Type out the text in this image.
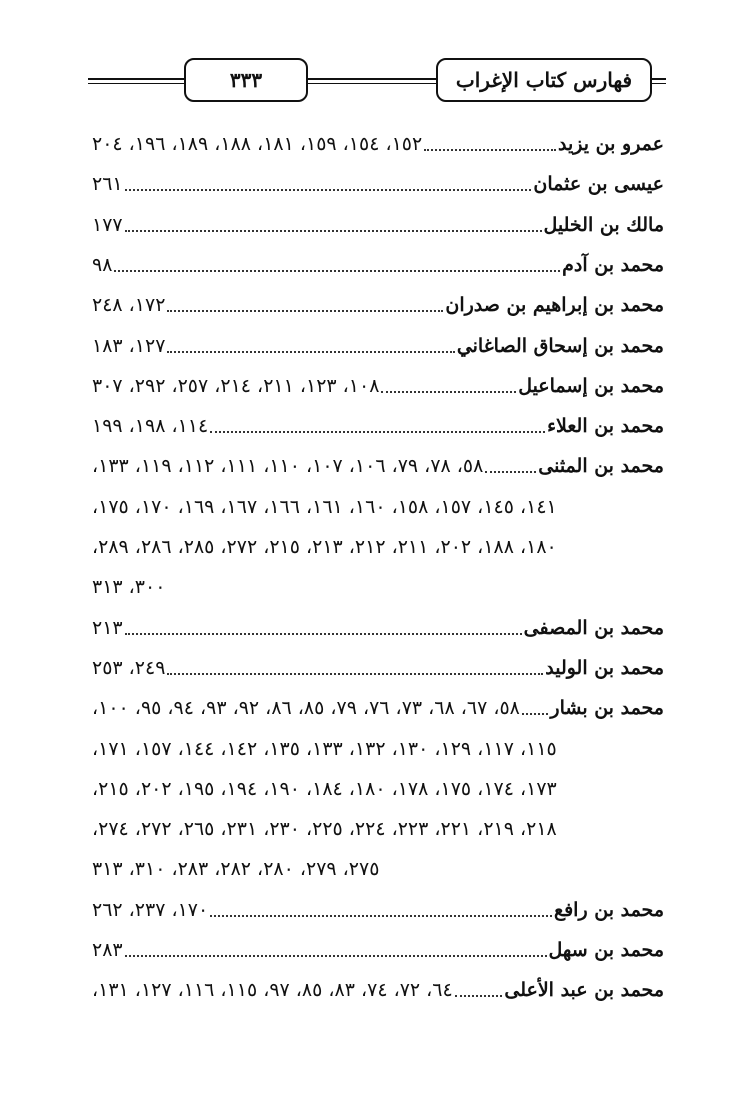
٣٣٣	فهارس كتاب الإغراب
عمرو بن يزيد
١٥٢، ١٥٤، ١٥٩، ١٨١، ١٨٨، ١٨٩، ١٩٦، ٢٠٤
عيسى بن عثمان
٢٦١
مالك بن الخليل
١٧٧
محمد بن آدم
٩٨
محمد بن إبراهيم بن صدران
١٧٢، ٢٤٨
محمد بن إسحاق الصاغاني
١٢٧، ١٨٣
محمد بن إسماعيل
١٠٨، ١٢٣، ٢١١، ٢١٤، ٢٥٧، ٢٩٢، ٣٠٧
محمد بن العلاء
١١٤، ١٩٨، ١٩٩
محمد بن المثنى
٥٨، ٧٨، ٧٩، ١٠٦، ١٠٧، ١١٠، ١١١، ١١٢، ١١٩، ١٣٣،
١٤١، ١٤٥، ١٥٧، ١٥٨، ١٦٠، ١٦١، ١٦٦، ١٦٧، ١٦٩، ١٧٠، ١٧٥،
١٨٠، ١٨٨، ٢٠٢، ٢١١، ٢١٢، ٢١٣، ٢١٥، ٢٧٢، ٢٨٥، ٢٨٦، ٢٨٩،
٣٠٠، ٣١٣
محمد بن المصفى
٢١٣
محمد بن الوليد
٢٤٩، ٢٥٣
محمد بن بشار
٥٨، ٦٧، ٦٨، ٧٣، ٧٦، ٧٩، ٨٥، ٨٦، ٩٢، ٩٣، ٩٤، ٩٥، ١٠٠،
١١٥، ١١٧، ١٢٩، ١٣٠، ١٣٢، ١٣٣، ١٣٥، ١٤٢، ١٤٤، ١٥٧، ١٧١،
١٧٣، ١٧٤، ١٧٥، ١٧٨، ١٨٠، ١٨٤، ١٩٠، ١٩٤، ١٩٥، ٢٠٢، ٢١٥،
٢١٨، ٢١٩، ٢٢١، ٢٢٣، ٢٢٤، ٢٢٥، ٢٣٠، ٢٣١، ٢٦٥، ٢٧٢، ٢٧٤،
٢٧٥، ٢٧٩، ٢٨٠، ٢٨٢، ٢٨٣، ٣١٠، ٣١٣
محمد بن رافع
١٧٠، ٢٣٧، ٢٦٢
محمد بن سهل
٢٨٣
محمد بن عبد الأعلى
٦٤، ٧٢، ٧٤، ٨٣، ٨٥، ٩٧، ١١٥، ١١٦، ١٢٧، ١٣١،
